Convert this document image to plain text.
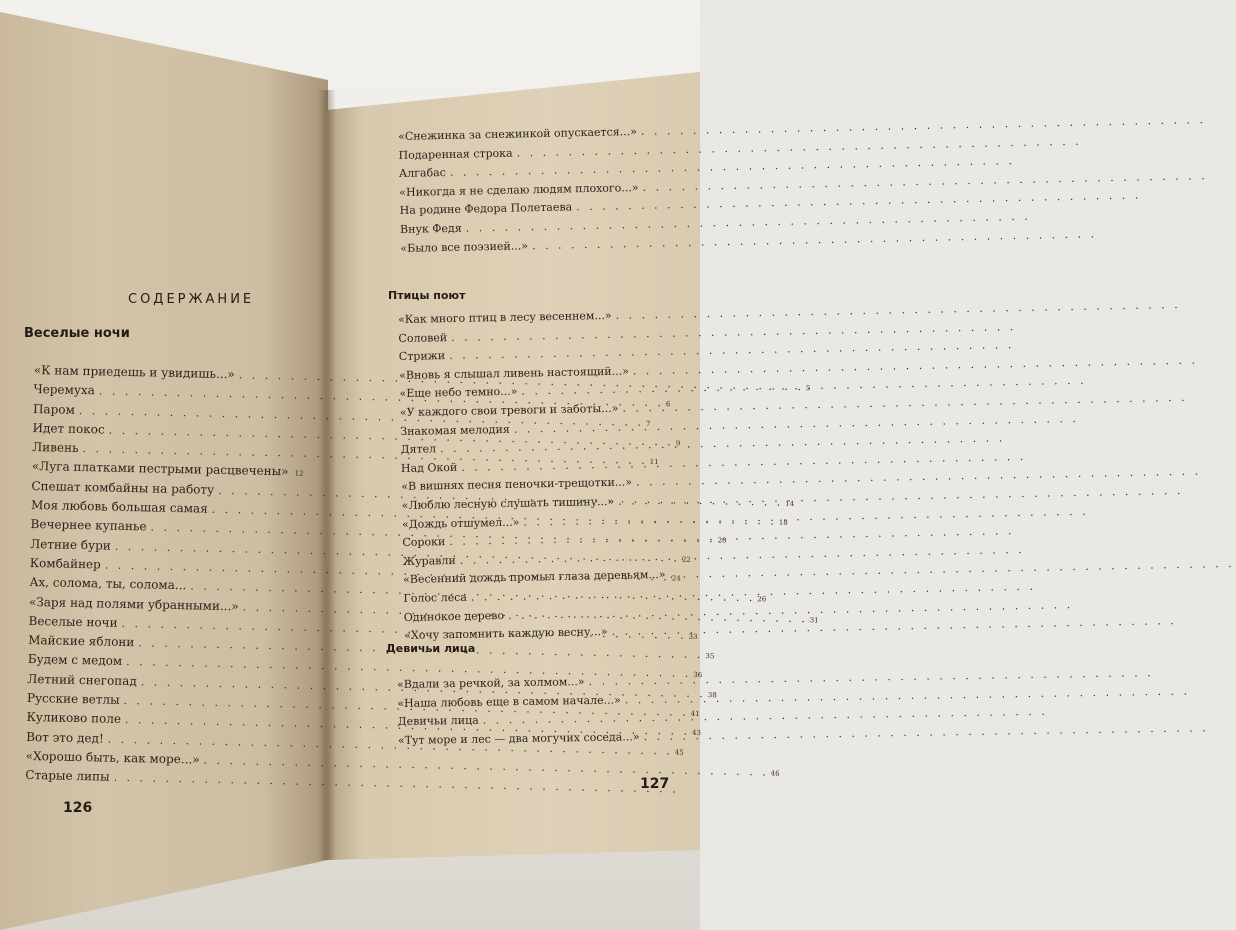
СОДЕРЖАНИЕ
Веселые ночи
«К нам приедешь и увидишь...»
. . .
5
Черемуха
. . .
6
Паром
. . .
7
Идет покос
. . .
9
Ливень
. . .
11
«Луга платками пестрыми расцвечены»
. . . 12
Спешат комбайны на работу
. . .
14
Моя любовь большая самая
. . .
18
Вечернее купанье
. . .
20
Летние бури
. . .
22
Комбайнер
. . .
24
Ах, солома, ты, солома...
. . .
26
«Заря над полями убранными...»
. . .
31
Веселые ночи
. . .
33
Майские яблони
. . .
35
Будем с медом
. . .
36
Летний снегопад
. . .
38
Русские ветлы
. . .
41
Куликово поле
. . .
43
Вот это дед!
. . .
45
«Хорошо быть, как море...»
. . .
46
Старые липы
. . .
126
«Снежинка за снежинкой опускается...»
. . .
Подаренная строка
. . .
Алгабас
. . .
«Никогда я не сделаю людям плохого...»
. . .
На родине Федора Полетаева
. . .
Внук Федя
. . .
«Было все поэзией...»
. . .
Птицы поют
«Как много птиц в лесу весеннем...»
. . .
Соловей
. . .
Стрижи
. . .
«Вновь я слышал ливень настоящий...»
. . .
«Еще небо темно...»
. . .
«У каждого свои тревоги и заботы...»
. . .
Знакомая мелодия
. . .
Дятел
. . .
Над Окой
. . .
«В вишнях песня пеночки-трещотки...»
. . .
«Люблю лесную слушать тишину...»
. . .
«Дождь отшумел...»
. . .
Сороки
. . .
Журавли
. . .
«Весенний дождь промыл глаза деревьям...»
. . .
Голос леса
. . .
Одинокое дерево
. . .
«Хочу запомнить каждую весну...»
. . .
Девичьи лица
«Вдали за речкой, за холмом...»
. . .
«Наша любовь еще в самом начале...»
. . .
Девичьи лица
. . .
«Тут море и лес — два могучих соседа...»
. . .
127
